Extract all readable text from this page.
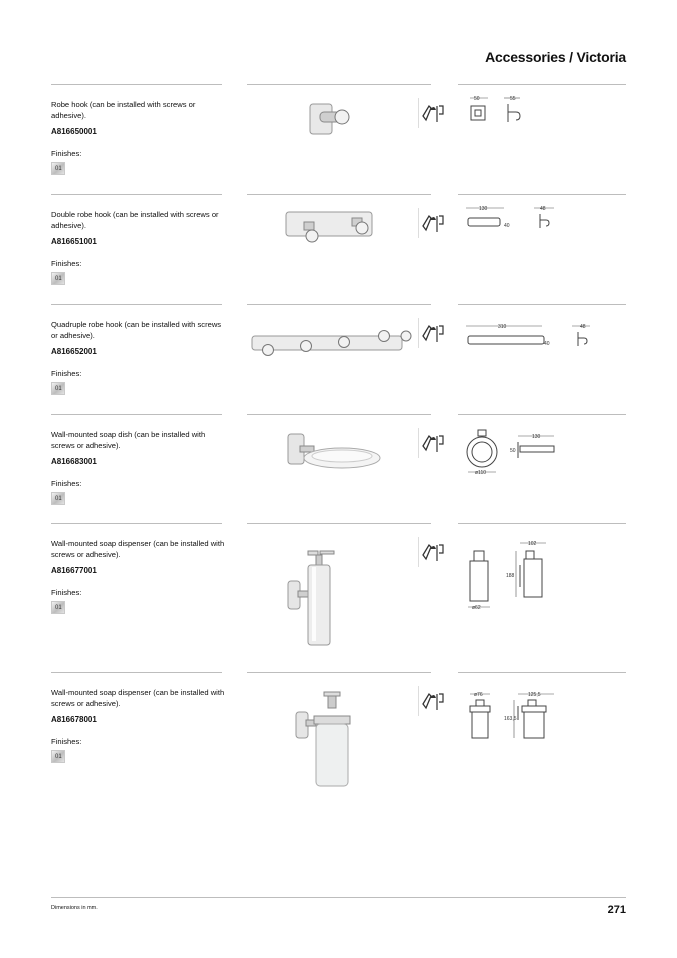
Accessories / Victoria
Robe hook (can be installed with screws or adhesive).
A816650001
Finishes:
01
50	55
Double robe hook (can be installed with screws or adhesive).
A816651001
Finishes:
01
130
40
48
Quadruple robe hook (can be installed with screws or adhesive).
A816652001
Finishes:
01
310
40
48
Wall-mounted soap dish (can be installed with screws or adhesive).
A816683001
Finishes:
01
ø110
130
50
Wall-mounted soap dispenser (can be installed with screws or adhesive).
A816677001
Finishes:
01	ø62
102
188
Wall-mounted soap dispenser (can be installed with screws or adhesive).
A816678001
Finishes:
01
ø76	125,5
163,5
Dimensions in mm.	271
